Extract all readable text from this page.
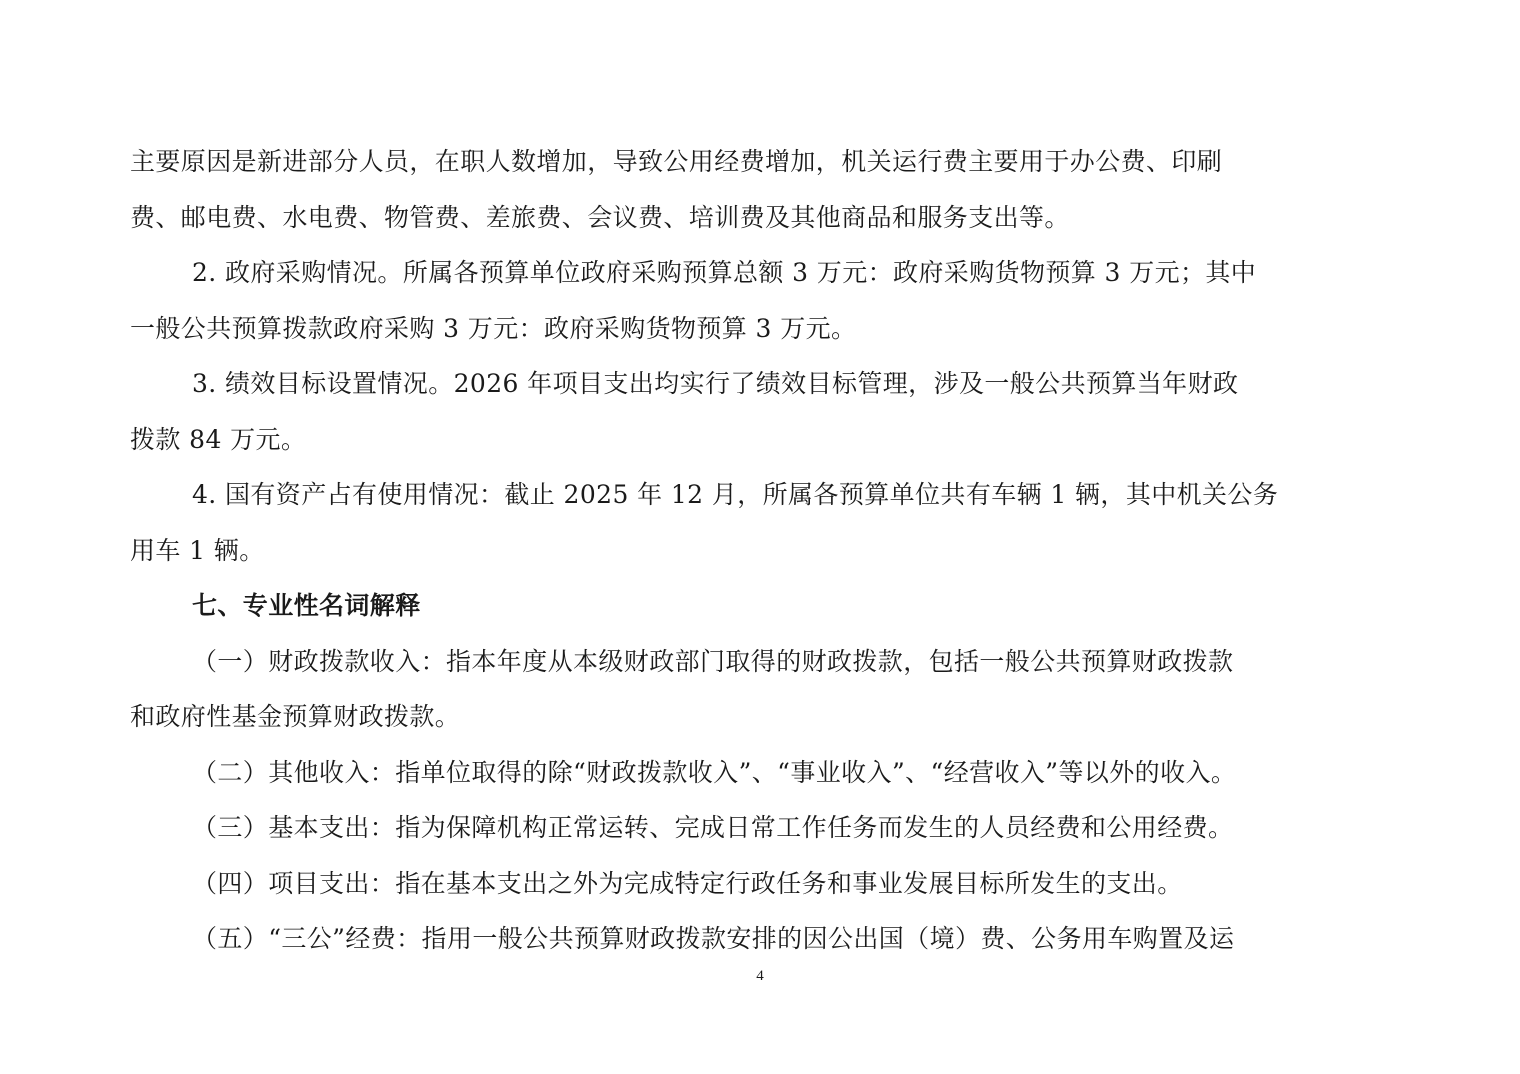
主要原因是新进部分人员，在职人数增加，导致公用经费增加，机关运行费主要用于办公费、印刷

费、邮电费、水电费、物管费、差旅费、会议费、培训费及其他商品和服务支出等。

2. 政府采购情况。所属各预算单位政府采购预算总额 3 万元：政府采购货物预算 3 万元；其中

一般公共预算拨款政府采购 3 万元：政府采购货物预算 3 万元。

3. 绩效目标设置情况。2026 年项目支出均实行了绩效目标管理，涉及一般公共预算当年财政

拨款 84 万元。

4. 国有资产占有使用情况：截止 2025 年 12 月，所属各预算单位共有车辆 1 辆，其中机关公务

用车 1 辆。

七、专业性名词解释

（一）财政拨款收入：指本年度从本级财政部门取得的财政拨款，包括一般公共预算财政拨款

和政府性基金预算财政拨款。

（二）其他收入：指单位取得的除“财政拨款收入”、“事业收入”、“经营收入”等以外的收入。

（三）基本支出：指为保障机构正常运转、完成日常工作任务而发生的人员经费和公用经费。

（四）项目支出：指在基本支出之外为完成特定行政任务和事业发展目标所发生的支出。

（五）“三公”经费：指用一般公共预算财政拨款安排的因公出国（境）费、公务用车购置及运

4
